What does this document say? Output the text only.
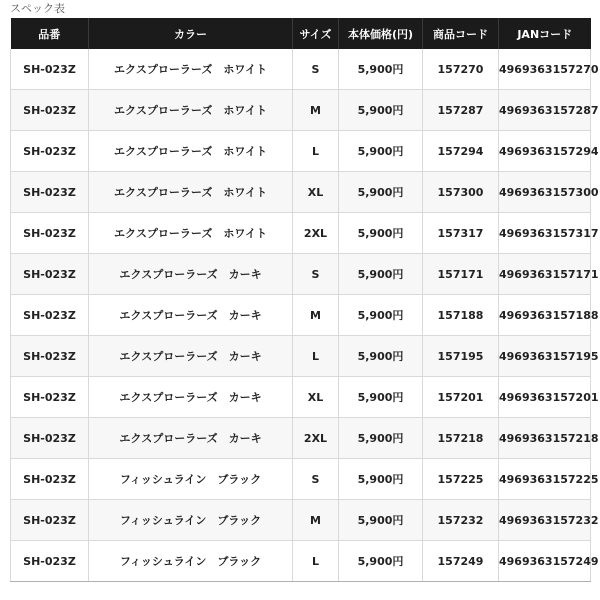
スペック表
品番	カラー	サイズ	本体価格(円)	商品コード	JANコード
SH-023Z	エクスプローラーズ　ホワイト	S	5,900円	157270	4969363157270
SH-023Z	エクスプローラーズ　ホワイト	M	5,900円	157287	4969363157287
SH-023Z	エクスプローラーズ　ホワイト	L	5,900円	157294	4969363157294
SH-023Z	エクスプローラーズ　ホワイト	XL	5,900円	157300	4969363157300
SH-023Z	エクスプローラーズ　ホワイト	2XL	5,900円	157317	4969363157317
SH-023Z	エクスプローラーズ　カーキ	S	5,900円	157171	4969363157171
SH-023Z	エクスプローラーズ　カーキ	M	5,900円	157188	4969363157188
SH-023Z	エクスプローラーズ　カーキ	L	5,900円	157195	4969363157195
SH-023Z	エクスプローラーズ　カーキ	XL	5,900円	157201	4969363157201
SH-023Z	エクスプローラーズ　カーキ	2XL	5,900円	157218	4969363157218
SH-023Z	フィッシュライン　ブラック	S	5,900円	157225	4969363157225
SH-023Z	フィッシュライン　ブラック	M	5,900円	157232	4969363157232
SH-023Z	フィッシュライン　ブラック	L	5,900円	157249	4969363157249
